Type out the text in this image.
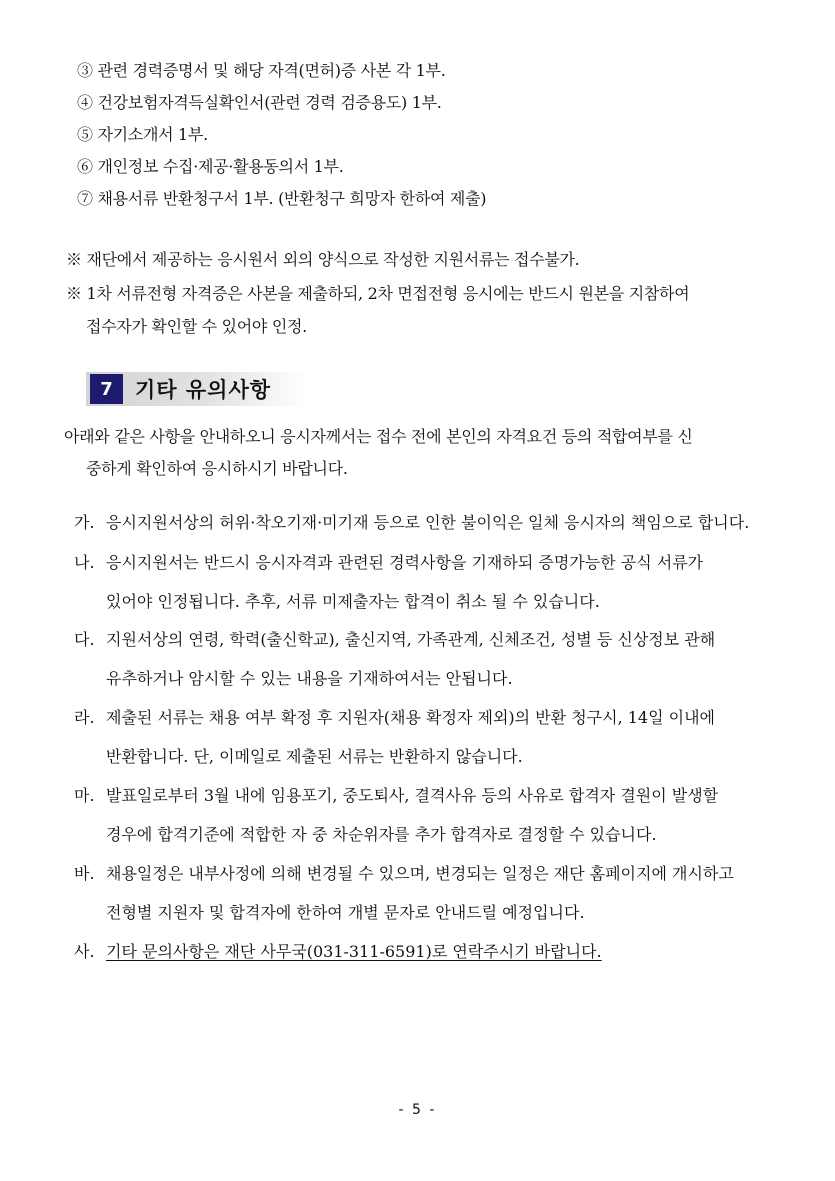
③ 관련 경력증명서 및 해당 자격(면허)증 사본 각 1부.
④ 건강보험자격득실확인서(관련 경력 검증용도) 1부.
⑤ 자기소개서 1부.
⑥ 개인정보 수집·제공·활용동의서 1부.
⑦ 채용서류 반환청구서 1부. (반환청구 희망자 한하여 제출)
※ 재단에서 제공하는 응시원서 외의 양식으로 작성한 지원서류는 접수불가.
※ 1차 서류전형 자격증은 사본을 제출하되, 2차 면접전형 응시에는 반드시 원본을 지참하여
접수자가 확인할 수 있어야 인정.
7	기타 유의사항
아래와 같은 사항을 안내하오니 응시자께서는 접수 전에 본인의 자격요건 등의 적합여부를 신
중하게 확인하여 응시하시기 바랍니다.
가. 응시지원서상의 허위·착오기재·미기재 등으로 인한 불이익은 일체 응시자의 책임으로 합니다.
나. 응시지원서는 반드시 응시자격과 관련된 경력사항을 기재하되 증명가능한 공식 서류가
있어야 인정됩니다. 추후, 서류 미제출자는 합격이 취소 될 수 있습니다.
다. 지원서상의 연령, 학력(출신학교), 출신지역, 가족관계, 신체조건, 성별 등 신상정보 관해
유추하거나 암시할 수 있는 내용을 기재하여서는 안됩니다.
라. 제출된 서류는 채용 여부 확정 후 지원자(채용 확정자 제외)의 반환 청구시, 14일 이내에
반환합니다. 단, 이메일로 제출된 서류는 반환하지 않습니다.
마. 발표일로부터 3월 내에 임용포기, 중도퇴사, 결격사유 등의 사유로 합격자 결원이 발생할
경우에 합격기준에 적합한 자 중 차순위자를 추가 합격자로 결정할 수 있습니다.
바. 채용일정은 내부사정에 의해 변경될 수 있으며, 변경되는 일정은 재단 홈페이지에 개시하고
전형별 지원자 및 합격자에 한하여 개별 문자로 안내드릴 예정입니다.
사. 기타 문의사항은 재단 사무국(031-311-6591)로 연락주시기 바랍니다.
- 5 -
